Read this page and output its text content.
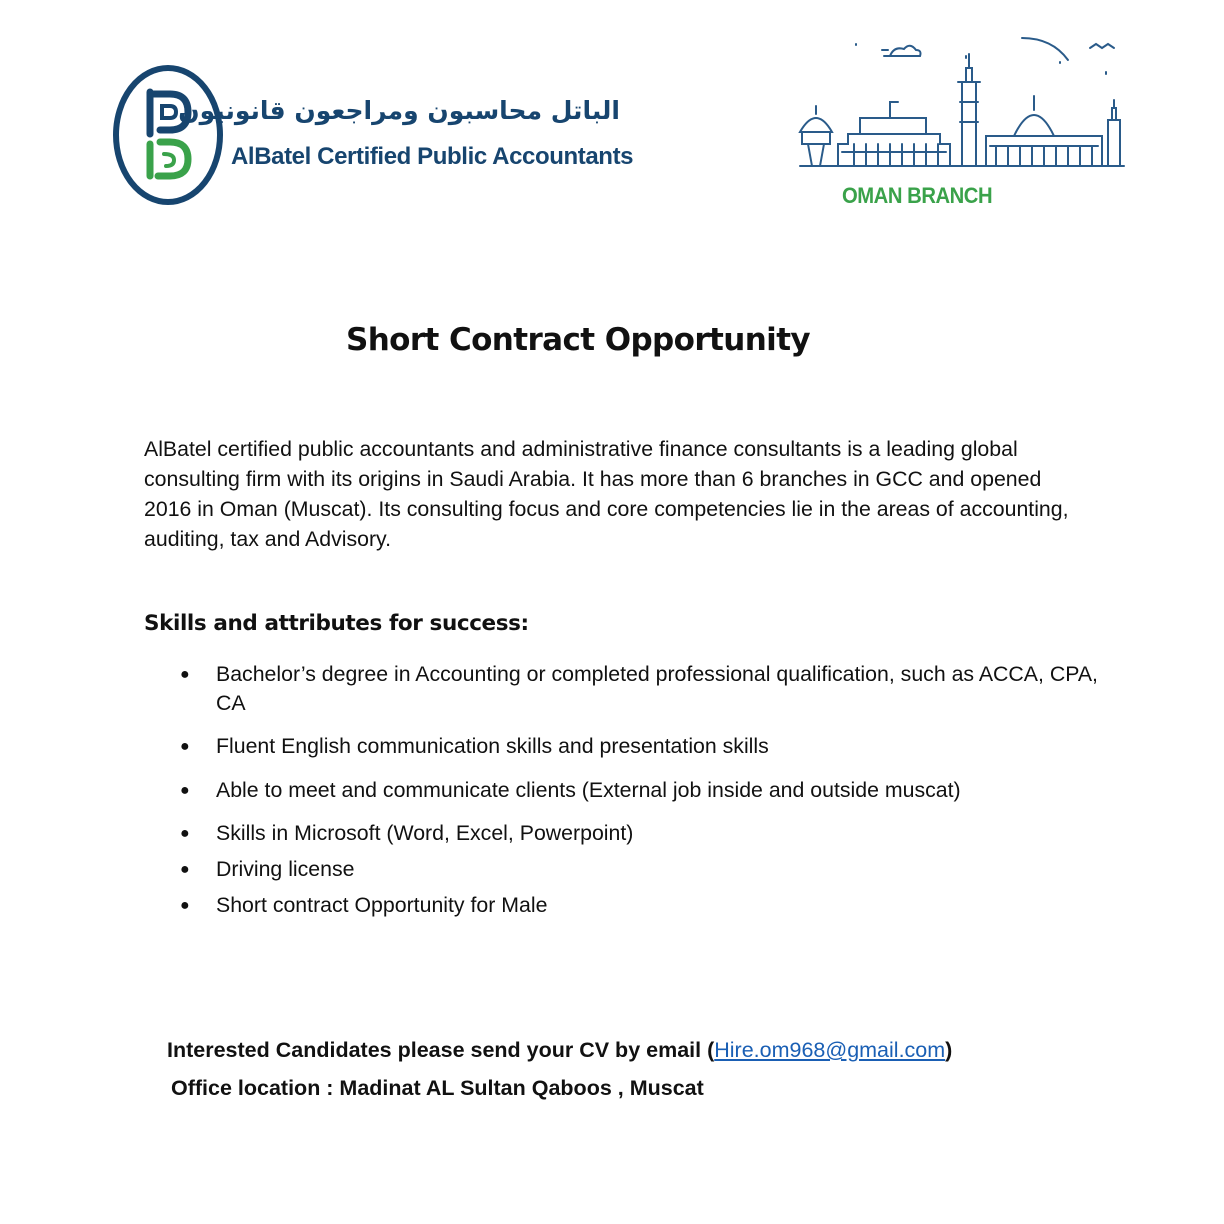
الباتل محاسبون ومراجعون قانونيون
AlBatel Certified Public Accountants
OMAN BRANCH
Short Contract Opportunity

AlBatel certified public accountants and administrative finance consultants is a leading global consulting firm with its origins in Saudi Arabia. It has more than 6 branches in GCC and opened 2016 in Oman (Muscat). Its consulting focus and core competencies lie in the areas of accounting, auditing, tax and Advisory.

Skills and attributes for success:
● Bachelor’s degree in Accounting or completed professional qualification, such as ACCA, CPA, CA
● Fluent English communication skills and presentation skills
● Able to meet and communicate clients (External job inside and outside muscat)
● Skills in Microsoft (Word, Excel, Powerpoint)
● Driving license
● Short contract Opportunity for Male
Interested Candidates please send your CV by email (Hire.om968@gmail.com)
Office location : Madinat AL Sultan Qaboos , Muscat
